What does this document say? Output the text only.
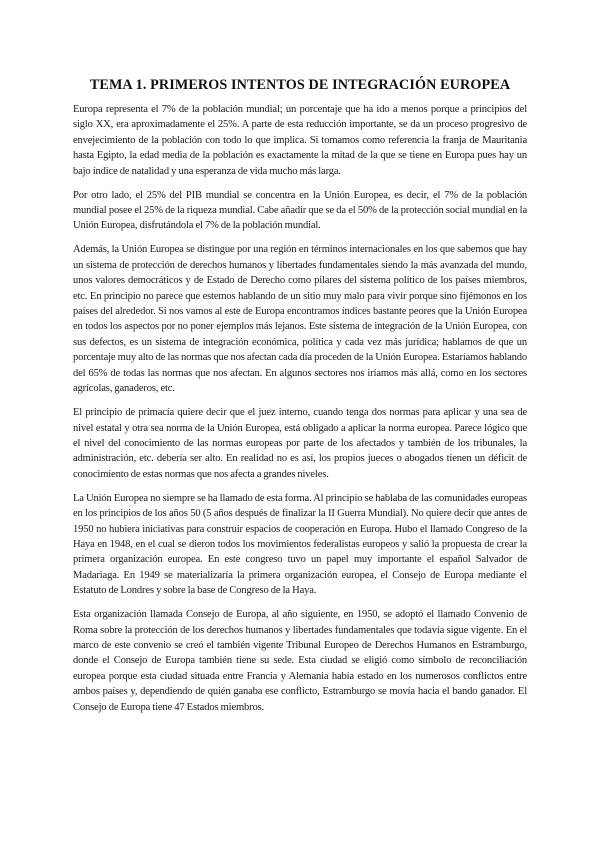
TEMA 1. PRIMEROS INTENTOS DE INTEGRACIÓN EUROPEA

Europa representa el 7% de la población mundial; un porcentaje que ha ido a menos porque a principios del siglo XX, era aproximadamente el 25%. A parte de esta reducción importante, se da un proceso progresivo de envejecimiento de la población con todo lo que implica. Si tomamos como referencia la franja de Mauritania hasta Egipto, la edad media de la población es exactamente la mitad de la que se tiene en Europa pues hay un bajo índice de natalidad y una esperanza de vida mucho más larga.

Por otro lado, el 25% del PIB mundial se concentra en la Unión Europea, es decir, el 7% de la población mundial posee el 25% de la riqueza mundial. Cabe añadir que se da el 50% de la protección social mundial en la Unión Europea, disfrutándola el 7% de la población mundial.

Además, la Unión Europea se distingue por una región en términos internacionales en los que sabemos que hay un sistema de protección de derechos humanos y libertades fundamentales siendo la más avanzada del mundo, unos valores democráticos y de Estado de Derecho como pilares del sistema político de los países miembros, etc. En principio no parece que estemos hablando de un sitio muy malo para vivir porque sino fijémonos en los países del alrededor. Si nos vamos al este de Europa encontramos índices bastante peores que la Unión Europea en todos los aspectos por no poner ejemplos más lejanos. Este sistema de integración de la Unión Europea, con sus defectos, es un sistema de integración económica, política y cada vez más jurídica; hablamos de que un porcentaje muy alto de las normas que nos afectan cada día proceden de la Unión Europea. Estaríamos hablando del 65% de todas las normas que nos afectan. En algunos sectores nos iríamos más allá, como en los sectores agrícolas, ganaderos, etc.

El principio de primacía quiere decir que el juez interno, cuando tenga dos normas para aplicar y una sea de nivel estatal y otra sea norma de la Unión Europea, está obligado a aplicar la norma europea. Parece lógico que el nivel del conocimiento de las normas europeas por parte de los afectados y también de los tribunales, la administración, etc. debería ser alto. En realidad no es así, los propios jueces o abogados tienen un déficit de conocimiento de estas normas que nos afecta a grandes niveles.

La Unión Europea no siempre se ha llamado de esta forma. Al principio se hablaba de las comunidades europeas en los principios de los años 50 (5 años después de finalizar la II Guerra Mundial). No quiere decir que antes de 1950 no hubiera iniciativas para construir espacios de cooperación en Europa. Hubo el llamado Congreso de la Haya en 1948, en el cual se dieron todos los movimientos federalistas europeos y salió la propuesta de crear la primera organización europea. En este congreso tuvo un papel muy importante el español Salvador de Madariaga. En 1949 se materializaría la primera organización europea, el Consejo de Europa mediante el Estatuto de Londres y sobre la base de Congreso de la Haya.

Esta organización llamada Consejo de Europa, al año siguiente, en 1950, se adoptó el llamado Convenio de Roma sobre la protección de los derechos humanos y libertades fundamentales que todavía sigue vigente. En el marco de este convenio se creó el también vigente Tribunal Europeo de Derechos Humanos en Estramburgo, donde el Consejo de Europa también tiene su sede. Esta ciudad se eligió como símbolo de reconciliación europea porque esta ciudad situada entre Francia y Alemania había estado en los numerosos conflictos entre ambos países y, dependiendo de quién ganaba ese conflicto, Estramburgo se movía hacia el bando ganador. El Consejo de Europa tiene 47 Estados miembros.
